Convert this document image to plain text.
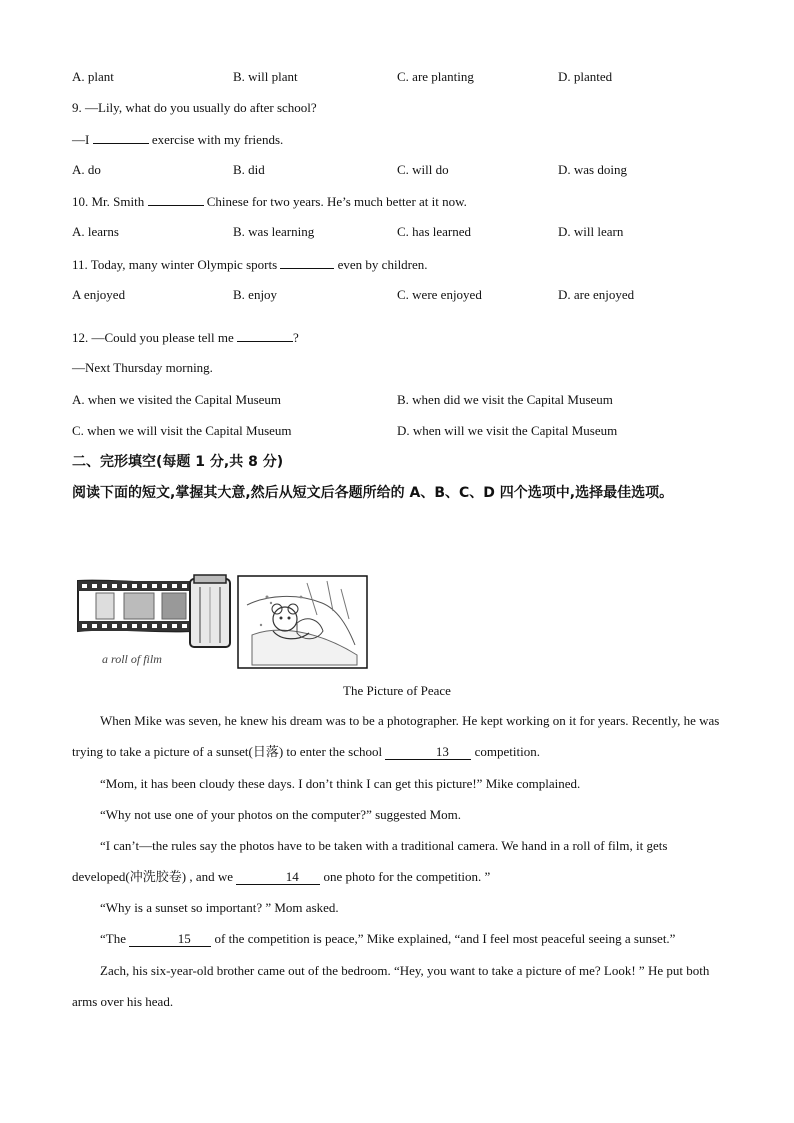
A. plant	B. will plant	C. are planting	D. planted
9. —Lily, what do you usually do after school?
—I	exercise with my friends.
A. do	B. did	C. will do	D. was doing
10. Mr. Smith	Chinese for two years. He’s much better at it now.
A. learns	B. was learning	C. has learned	D. will learn
11. Today, many winter Olympic sports	even by children.
A enjoyed	B. enjoy	C. were enjoyed	D. are enjoyed
12. —Could you please tell me	?
—Next Thursday morning.
A. when we visited the Capital Museum	B. when did we visit the Capital Museum
C. when we will visit the Capital Museum	D. when will we visit the Capital Museum
二、完形填空(每题 1 分,共 8 分)
阅读下面的短文,掌握其大意,然后从短文后各题所给的 A、B、C、D 四个选项中,选择最佳选项。
a roll of film
The Picture of Peace
When Mike was seven, he knew his dream was to be a photographer. He kept working on it for years. Recently, he was trying to take a picture of a sunset(日落) to enter the school	13 competition.
“Mom, it has been cloudy these days. I don’t think I can get this picture!” Mike complained.
“Why not use one of your photos on the computer?” suggested Mom.
“I can’t—the rules say the photos have to be taken with a traditional camera. We hand in a roll of film, it gets developed(冲洗胶卷) , and we	14 one photo for the competition. ”
“Why is a sunset so important? ” Mom asked.
“The	15 of the competition is peace,” Mike explained, “and I feel most peaceful seeing a sunset.”
Zach, his six-year-old brother came out of the bedroom. “Hey, you want to take a picture of me? Look! ” He put both arms over his head.
